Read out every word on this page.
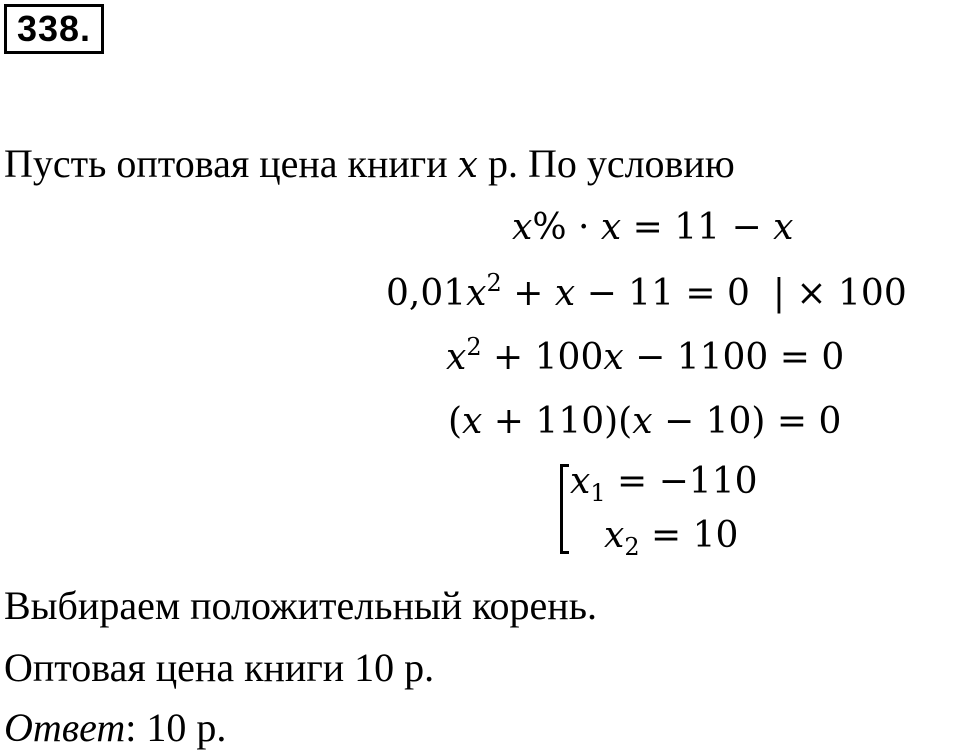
338.
Пусть оптовая цена книги x р. По условию
x% · x = 11 − x
$0,01x^2 + x - 11 = 0$  | × 100
$x^2 + 100x - 1100 = 0$
(x + 110)(x − 10) = 0
$x_1 = -110$
$x_2 = 10$
Выбираем положительный корень.
Оптовая цена книги 10 р.
Ответ: 10 р.
